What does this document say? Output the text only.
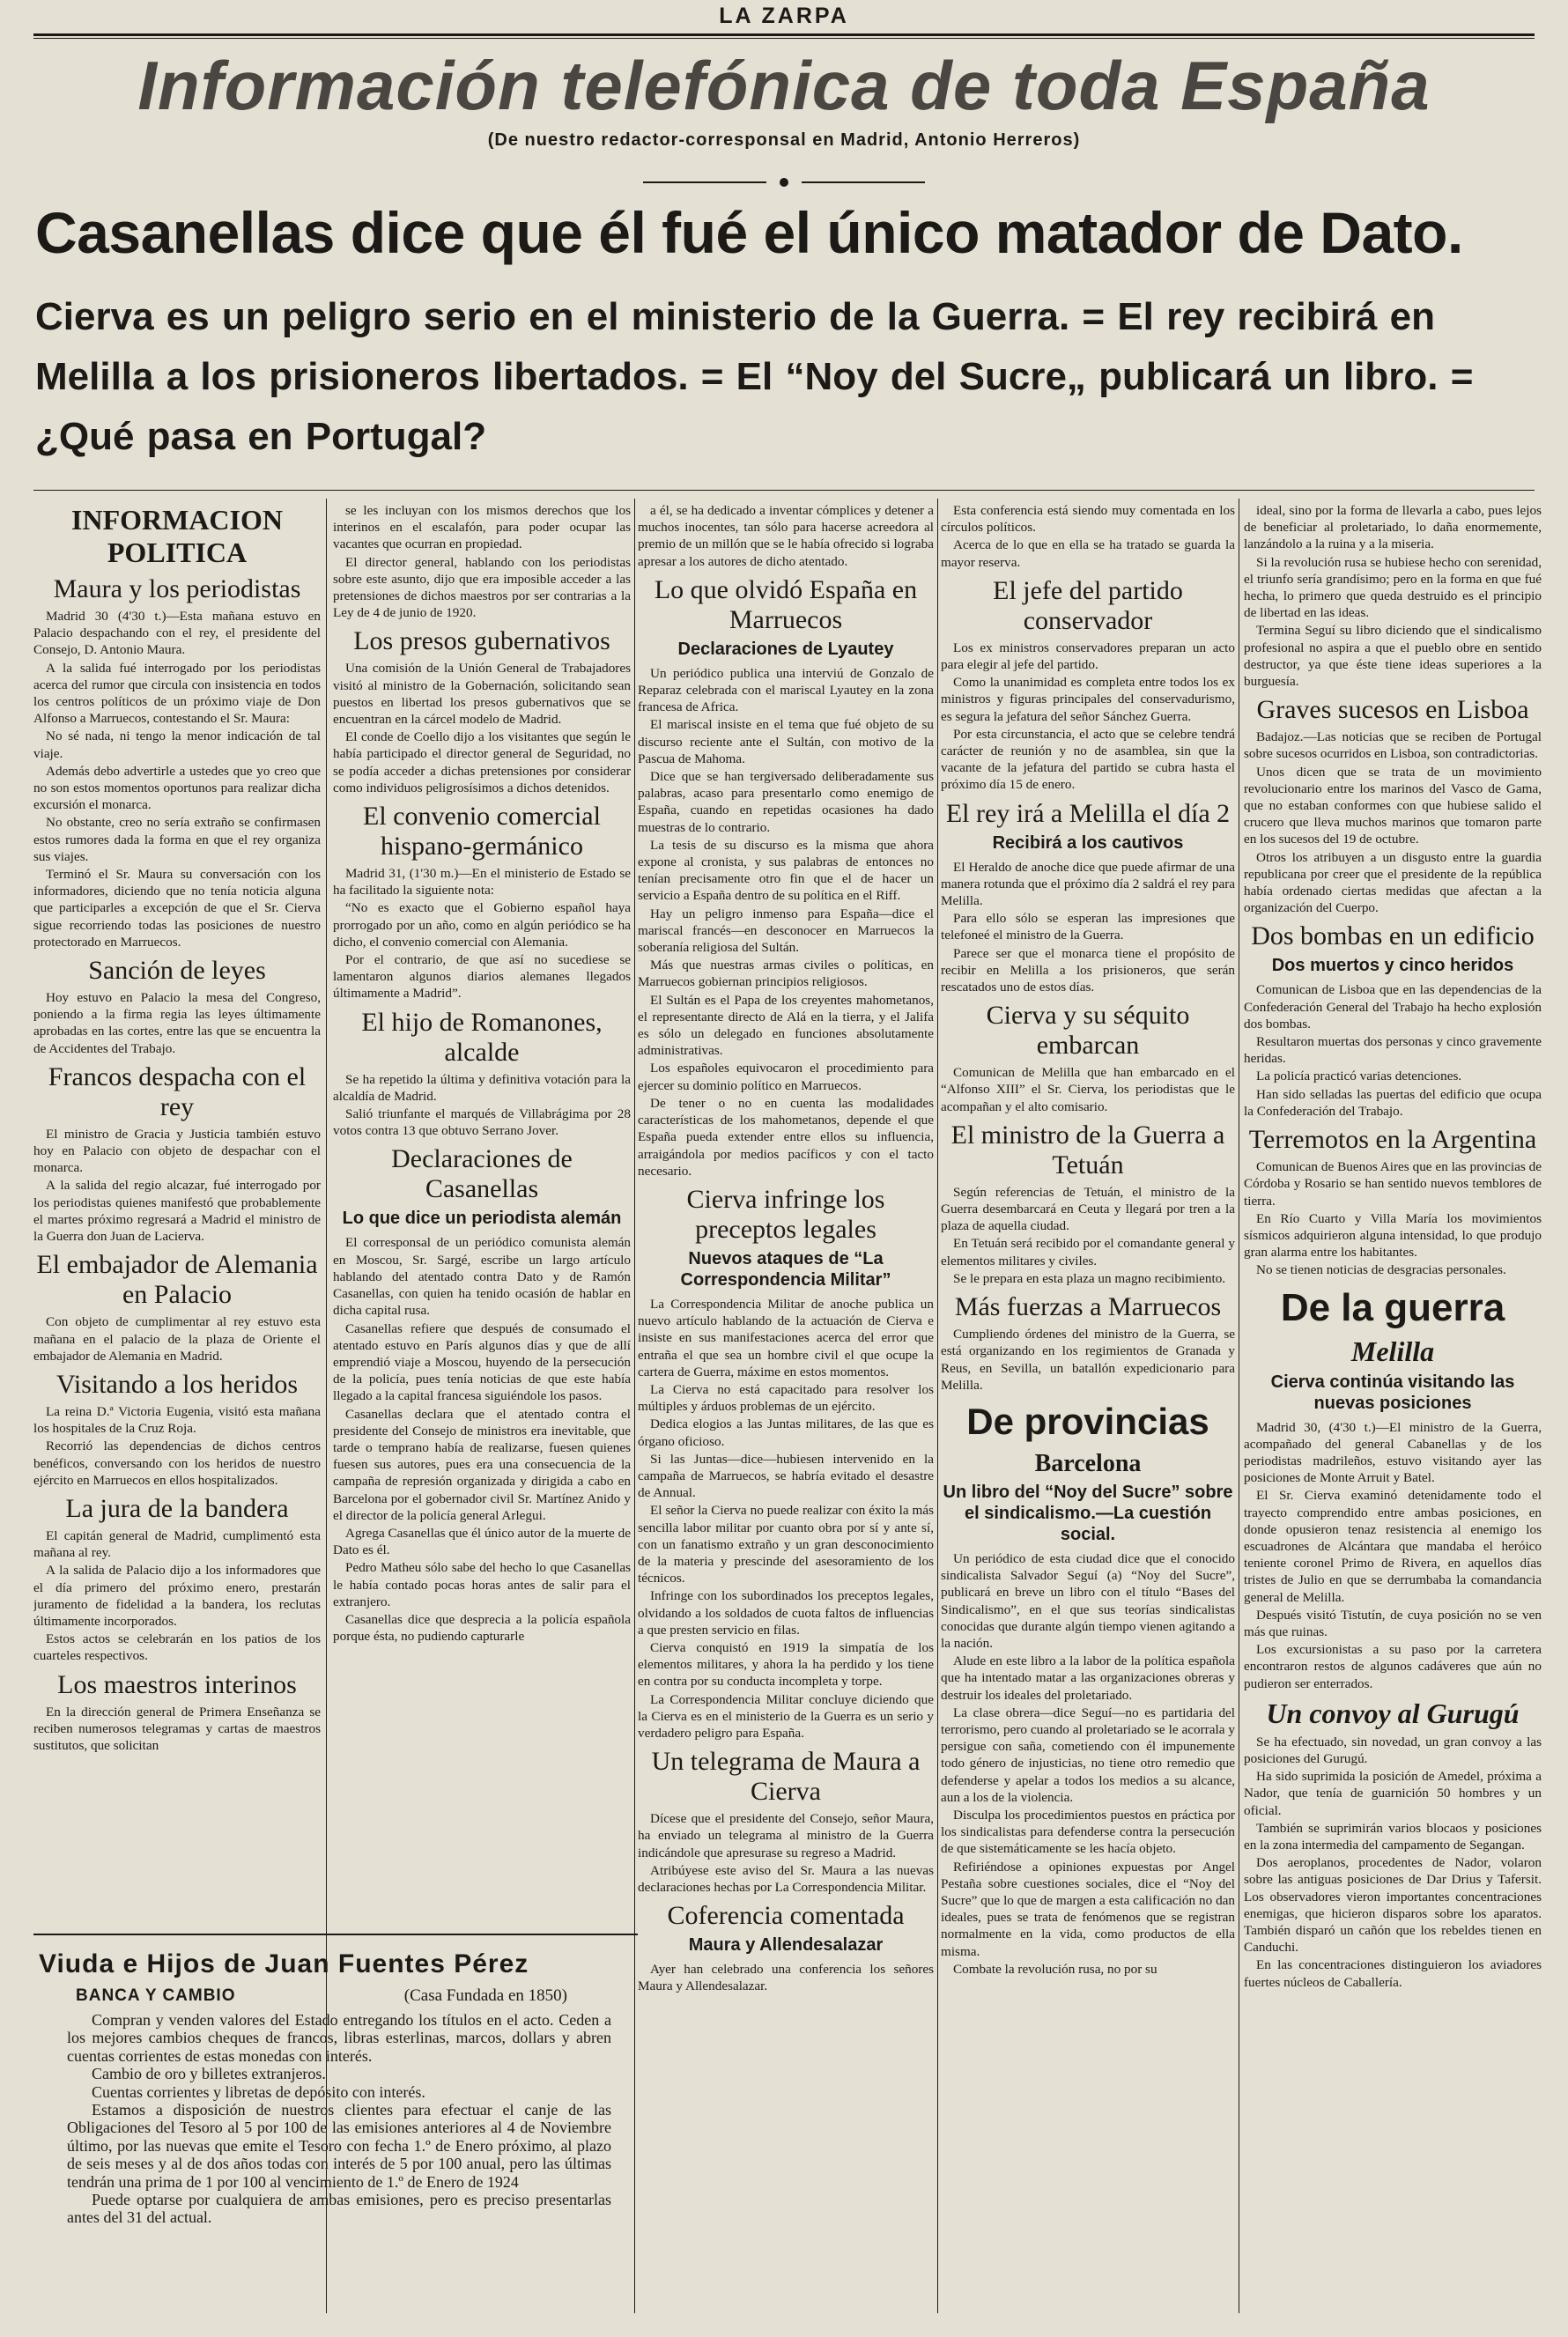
LA ZARPA
Información telefónica de toda España
(De nuestro redactor-corresponsal en Madrid, Antonio Herreros)
Casanellas dice que él fué el único matador de Dato.
Cierva es un peligro serio en el ministerio de la Guerra. = El rey recibirá en Melilla a los prisioneros libertados. = El “Noy del Sucre„ publicará un libro. = ¿Qué pasa en Portugal?
INFORMACION POLITICA
Maura y los periodistas

Madrid 30 (4'30 t.)—Esta mañana estuvo en Palacio despachando con el rey, el presidente del Consejo, D. Antonio Maura.

A la salida fué interrogado por los periodistas acerca del rumor que circula con insistencia en todos los centros políticos de un próximo viaje de Don Alfonso a Marruecos, contestando el Sr. Maura:

No sé nada, ni tengo la menor indicación de tal viaje.

Además debo advertirle a ustedes que yo creo que no son estos momentos oportunos para realizar dicha excursión el monarca.

No obstante, creo no sería extraño se confirmasen estos rumores dada la forma en que el rey organiza sus viajes.

Terminó el Sr. Maura su conversación con los informadores, diciendo que no tenía noticia alguna que participarles a excepción de que el Sr. Cierva sigue recorriendo todas las posiciones de nuestro protectorado en Marruecos.

Sanción de leyes

Hoy estuvo en Palacio la mesa del Congreso, poniendo a la firma regia las leyes últimamente aprobadas en las cortes, entre las que se encuentra la de Accidentes del Trabajo.

Francos despacha con el rey

El ministro de Gracia y Justicia también estuvo hoy en Palacio con objeto de despachar con el monarca.

A la salida del regio alcazar, fué interrogado por los periodistas quienes manifestó que probablemente el martes próximo regresará a Madrid el ministro de la Guerra don Juan de Lacierva.

El embajador de Alemania en Palacio

Con objeto de cumplimentar al rey estuvo esta mañana en el palacio de la plaza de Oriente el embajador de Alemania en Madrid.

Visitando a los heridos

La reina D.ª Victoria Eugenia, visitó esta mañana los hospitales de la Cruz Roja.

Recorrió las dependencias de dichos centros benéficos, conversando con los heridos de nuestro ejército en Marruecos en ellos hospitalizados.

La jura de la bandera

El capitán general de Madrid, cumplimentó esta mañana al rey.

A la salida de Palacio dijo a los informadores que el día primero del próximo enero, prestarán juramento de fidelidad a la bandera, los reclutas últimamente incorporados.

Estos actos se celebrarán en los patios de los cuarteles respectivos.

Los maestros interinos

En la dirección general de Primera Enseñanza se reciben numerosos telegramas y cartas de maestros sustitutos, que solicitan

se les incluyan con los mismos derechos que los interinos en el escalafón, para poder ocupar las vacantes que ocurran en propiedad.

El director general, hablando con los periodistas sobre este asunto, dijo que era imposible acceder a las pretensiones de dichos maestros por ser contrarias a la Ley de 4 de junio de 1920.

Los presos gubernativos

Una comisión de la Unión General de Trabajadores visitó al ministro de la Gobernación, solicitando sean puestos en libertad los presos gubernativos que se encuentran en la cárcel modelo de Madrid.

El conde de Coello dijo a los visitantes que según le había participado el director general de Seguridad, no se podía acceder a dichas pretensiones por considerar como individuos peligrosísimos a dichos detenidos.

El convenio comercial hispano-germánico

Madrid 31, (1'30 m.)—En el ministerio de Estado se ha facilitado la siguiente nota:

“No es exacto que el Gobierno español haya prorrogado por un año, como en algún periódico se ha dicho, el convenio comercial con Alemania.

Por el contrario, de que así no sucediese se lamentaron algunos diarios alemanes llegados últimamente a Madrid”.

El hijo de Romanones, alcalde

Se ha repetido la última y definitiva votación para la alcaldía de Madrid.

Salió triunfante el marqués de Villabrágima por 28 votos contra 13 que obtuvo Serrano Jover.

Declaraciones de Casanellas
Lo que dice un periodista alemán

El corresponsal de un periódico comunista alemán en Moscou, Sr. Sargé, escribe un largo artículo hablando del atentado contra Dato y de Ramón Casanellas, con quien ha tenido ocasión de hablar en dicha capital rusa.

Casanellas refiere que después de consumado el atentado estuvo en París algunos días y que de allí emprendió viaje a Moscou, huyendo de la persecución de la policía, pues tenía noticias de que este había llegado a la capital francesa siguiéndole los pasos.

Casanellas declara que el atentado contra el presidente del Consejo de ministros era inevitable, que tarde o temprano había de realizarse, fuesen quienes fuesen sus autores, pues era una consecuencia de la campaña de represión organizada y dirigida a cabo en Barcelona por el gobernador civil Sr. Martínez Anido y el director de la policía general Arlegui.

Agrega Casanellas que él único autor de la muerte de Dato es él.

Pedro Matheu sólo sabe del hecho lo que Casanellas le había contado pocas horas antes de salir para el extranjero.

Casanellas dice que desprecia a la policía española porque ésta, no pudiendo capturarle

a él, se ha dedicado a inventar cómplices y detener a muchos inocentes, tan sólo para hacerse acreedora al premio de un millón que se le había ofrecido si lograba apresar a los autores de dicho atentado.

Lo que olvidó España en Marruecos
Declaraciones de Lyautey

Un periódico publica una interviú de Gonzalo de Reparaz celebrada con el mariscal Lyautey en la zona francesa de Africa.

El mariscal insiste en el tema que fué objeto de su discurso reciente ante el Sultán, con motivo de la Pascua de Mahoma.

Dice que se han tergiversado deliberadamente sus palabras, acaso para presentarlo como enemigo de España, cuando en repetidas ocasiones ha dado muestras de lo contrario.

La tesis de su discurso es la misma que ahora expone al cronista, y sus palabras de entonces no tenían precisamente otro fin que el de hacer un servicio a España dentro de su política en el Riff.

Hay un peligro inmenso para España—dice el mariscal francés—en desconocer en Marruecos la soberanía religiosa del Sultán.

Más que nuestras armas civiles o políticas, en Marruecos gobiernan principios religiosos.

El Sultán es el Papa de los creyentes mahometanos, el representante directo de Alá en la tierra, y el Jalifa es sólo un delegado en funciones absolutamente administrativas.

Los españoles equivocaron el procedimiento para ejercer su dominio político en Marruecos.

De tener o no en cuenta las modalidades características de los mahometanos, depende el que España pueda extender entre ellos su influencia, arraigándola por medios pacíficos y con el tacto necesario.

Cierva infringe los preceptos legales
Nuevos ataques de “La Correspondencia Militar”

La Correspondencia Militar de anoche publica un nuevo artículo hablando de la actuación de Cierva e insiste en sus manifestaciones acerca del error que entraña el que sea un hombre civil el que ocupe la cartera de Guerra, máxime en estos momentos.

La Cierva no está capacitado para resolver los múltiples y árduos problemas de un ejército.

Dedica elogios a las Juntas militares, de las que es órgano oficioso.

Si las Juntas—dice—hubiesen intervenido en la campaña de Marruecos, se habría evitado el desastre de Annual.

El señor la Cierva no puede realizar con éxito la más sencilla labor militar por cuanto obra por sí y ante sí, con un fanatismo extraño y un gran desconocimiento de la materia y prescinde del asesoramiento de los técnicos.

Infringe con los subordinados los preceptos legales, olvidando a los soldados de cuota faltos de influencias a que presten servicio en filas.

Cierva conquistó en 1919 la simpatía de los elementos militares, y ahora la ha perdido y los tiene en contra por su conducta incompleta y torpe.

La Correspondencia Militar concluye diciendo que la Cierva es en el ministerio de la Guerra es un serio y verdadero peligro para España.

Un telegrama de Maura a Cierva

Dícese que el presidente del Consejo, señor Maura, ha enviado un telegrama al ministro de la Guerra indicándole que apresurase su regreso a Madrid.

Atribúyese este aviso del Sr. Maura a las nuevas declaraciones hechas por La Correspondencia Militar.

Coferencia comentada
Maura y Allendesalazar

Ayer han celebrado una conferencia los señores Maura y Allendesalazar.

Esta conferencia está siendo muy comentada en los círculos políticos.

Acerca de lo que en ella se ha tratado se guarda la mayor reserva.

El jefe del partido conservador

Los ex ministros conservadores preparan un acto para elegir al jefe del partido.

Como la unanimidad es completa entre todos los ex ministros y figuras principales del conservadurismo, es segura la jefatura del señor Sánchez Guerra.

Por esta circunstancia, el acto que se celebre tendrá carácter de reunión y no de asamblea, sin que la vacante de la jefatura del partido se cubra hasta el próximo día 15 de enero.

El rey irá a Melilla el día 2
Recibirá a los cautivos

El Heraldo de anoche dice que puede afirmar de una manera rotunda que el próximo día 2 saldrá el rey para Melilla.

Para ello sólo se esperan las impresiones que telefoneé el ministro de la Guerra.

Parece ser que el monarca tiene el propósito de recibir en Melilla a los prisioneros, que serán rescatados uno de estos días.

Cierva y su séquito embarcan

Comunican de Melilla que han embarcado en el “Alfonso XIII” el Sr. Cierva, los periodistas que le acompañan y el alto comisario.

El ministro de la Guerra a Tetuán

Según referencias de Tetuán, el ministro de la Guerra desembarcará en Ceuta y llegará por tren a la plaza de aquella ciudad.

En Tetuán será recibido por el comandante general y elementos militares y civiles.

Se le prepara en esta plaza un magno recibimiento.

Más fuerzas a Marruecos

Cumpliendo órdenes del ministro de la Guerra, se está organizando en los regimientos de Granada y Reus, en Sevilla, un batallón expedicionario para Melilla.

De provincias
Barcelona
Un libro del “Noy del Sucre” sobre el sindicalismo.—La cuestión social.

Un periódico de esta ciudad dice que el conocido sindicalista Salvador Seguí (a) “Noy del Sucre”, publicará en breve un libro con el título “Bases del Sindicalismo”, en el que sus teorías sindicalistas conocidas que durante algún tiempo vienen agitando a la nación.

Alude en este libro a la labor de la política española que ha intentado matar a las organizaciones obreras y destruir los ideales del proletariado.

La clase obrera—dice Seguí—no es partidaria del terrorismo, pero cuando al proletariado se le acorrala y persigue con saña, cometiendo con él impunemente todo género de injusticias, no tiene otro remedio que defenderse y apelar a todos los medios a su alcance, aun a los de la violencia.

Disculpa los procedimientos puestos en práctica por los sindicalistas para defenderse contra la persecución de que sistemáticamente se les hacía objeto.

Refiriéndose a opiniones expuestas por Angel Pestaña sobre cuestiones sociales, dice el “Noy del Sucre” que lo que de margen a esta calificación no dan ideales, pues se trata de fenómenos que se registran normalmente en la vida, como productos de ella misma.

Combate la revolución rusa, no por su

ideal, sino por la forma de llevarla a cabo, pues lejos de beneficiar al proletariado, lo daña enormemente, lanzándolo a la ruina y a la miseria.

Si la revolución rusa se hubiese hecho con serenidad, el triunfo sería grandísimo; pero en la forma en que fué hecha, lo primero que queda destruido es el principio de libertad en las ideas.

Termina Seguí su libro diciendo que el sindicalismo profesional no aspira a que el pueblo obre en sentido destructor, ya que éste tiene ideas superiores a la burguesía.

Graves sucesos en Lisboa

Badajoz.—Las noticias que se reciben de Portugal sobre sucesos ocurridos en Lisboa, son contradictorias.

Unos dicen que se trata de un movimiento revolucionario entre los marinos del Vasco de Gama, que no estaban conformes con que hubiese salido el crucero que lleva muchos marinos que tomaron parte en los sucesos del 19 de octubre.

Otros los atribuyen a un disgusto entre la guardia republicana por creer que el presidente de la república había ordenado ciertas medidas que afectan a la organización del Cuerpo.

Dos bombas en un edificio
Dos muertos y cinco heridos

Comunican de Lisboa que en las dependencias de la Confederación General del Trabajo ha hecho explosión dos bombas.

Resultaron muertas dos personas y cinco gravemente heridas.

La policía practicó varias detenciones.

Han sido selladas las puertas del edificio que ocupa la Confederación del Trabajo.

Terremotos en la Argentina

Comunican de Buenos Aires que en las provincias de Córdoba y Rosario se han sentido nuevos temblores de tierra.

En Río Cuarto y Villa María los movimientos sísmicos adquirieron alguna intensidad, lo que produjo gran alarma entre los habitantes.

No se tienen noticias de desgracias personales.

De la guerra
Melilla
Cierva continúa visitando las nuevas posiciones

Madrid 30, (4'30 t.)—El ministro de la Guerra, acompañado del general Cabanellas y de los periodistas madrileños, estuvo visitando ayer las posiciones de Monte Arruit y Batel.

El Sr. Cierva examinó detenidamente todo el trayecto comprendido entre ambas posiciones, en donde opusieron tenaz resistencia al enemigo los escuadrones de Alcántara que mandaba el heróico teniente coronel Primo de Rivera, en aquellos días tristes de Julio en que se derrumbaba la comandancia general de Melilla.

Después visitó Tistutín, de cuya posición no se ven más que ruinas.

Los excursionistas a su paso por la carretera encontraron restos de algunos cadáveres que aún no pudieron ser enterrados.

Un convoy al Gurugú

Se ha efectuado, sin novedad, un gran convoy a las posiciones del Gurugú.

Ha sido suprimida la posición de Amedel, próxima a Nador, que tenía de guarnición 50 hombres y un oficial.

También se suprimirán varios blocaos y posiciones en la zona intermedia del campamento de Segangan.

Dos aeroplanos, procedentes de Nador, volaron sobre las antiguas posiciones de Dar Drius y Tafersit. Los observadores vieron importantes concentraciones enemigas, que hicieron disparos sobre los aparatos. También disparó un cañón que los rebeldes tienen en Canduchi.

En las concentraciones distinguieron los aviadores fuertes núcleos de Caballería.

Viuda e Hijos de Juan Fuentes Pérez
BANCA Y CAMBIO	(Casa Fundada en 1850)

Compran y venden valores del Estado entregando los títulos en el acto. Ceden a los mejores cambios cheques de francos, libras esterlinas, marcos, dollars y abren cuentas corrientes de estas monedas con interés.

Cambio de oro y billetes extranjeros.

Cuentas corrientes y libretas de depósito con interés.

Estamos a disposición de nuestros clientes para efectuar el canje de las Obligaciones del Tesoro al 5 por 100 de las emisiones anteriores al 4 de Noviembre último, por las nuevas que emite el Tesoro con fecha 1.º de Enero próximo, al plazo de seis meses y al de dos años todas con interés de 5 por 100 anual, pero las últimas tendrán una prima de 1 por 100 al vencimiento de 1.º de Enero de 1924

Puede optarse por cualquiera de ambas emisiones, pero es preciso presentarlas antes del 31 del actual.
